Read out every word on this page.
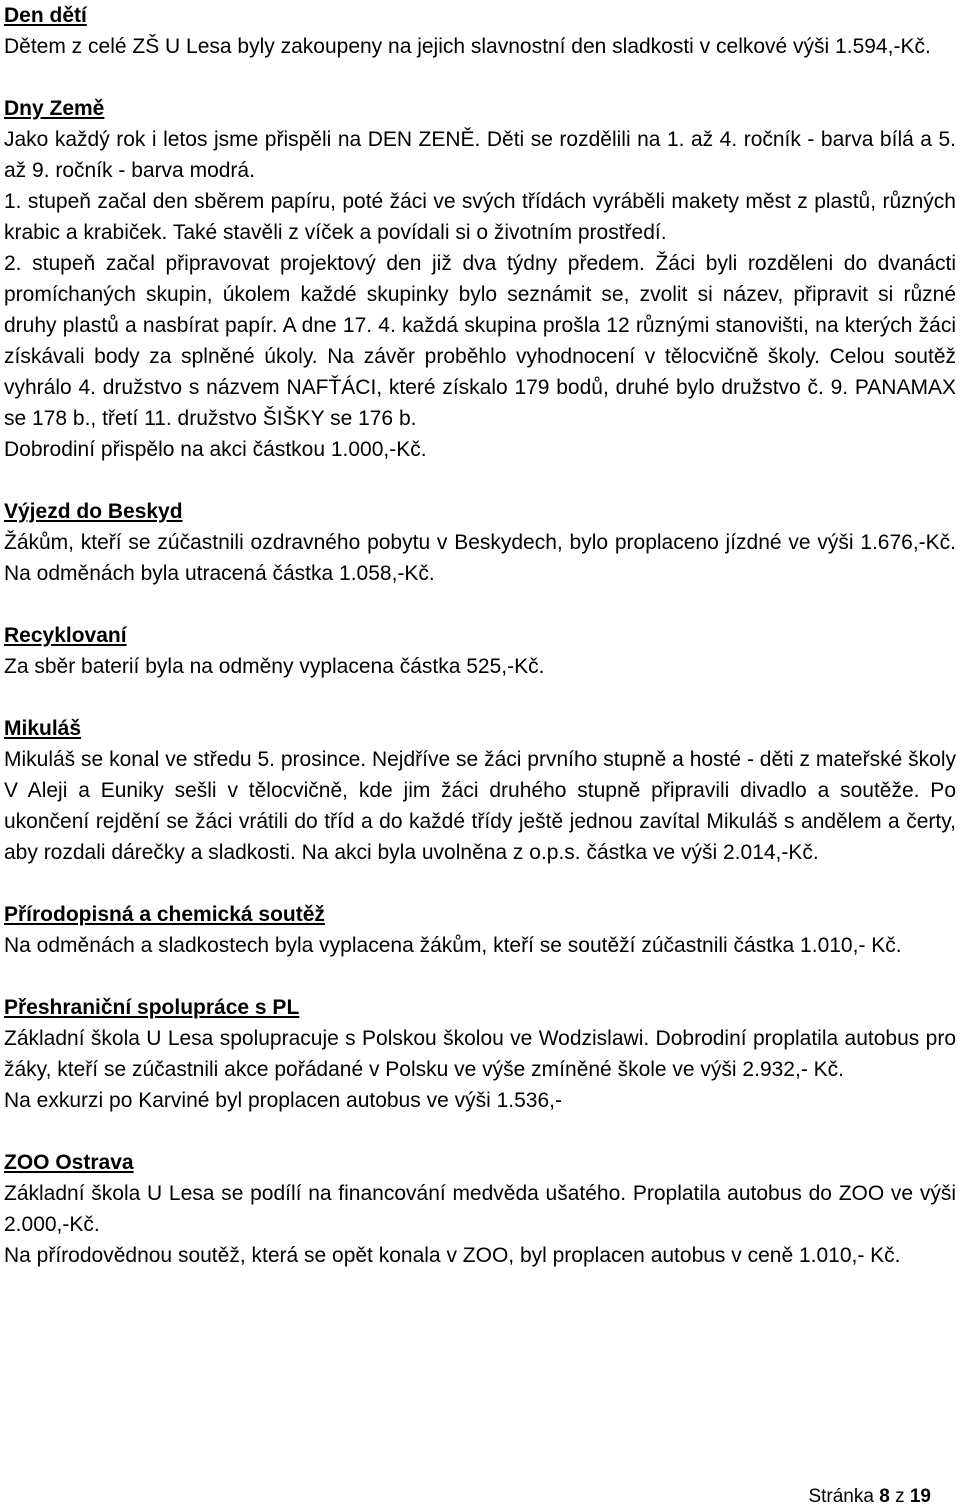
Den dětí

Dětem z celé ZŠ U Lesa byly zakoupeny na jejich slavnostní den sladkosti v celkové výši 1.594,-Kč.

Dny Země

Jako každý rok i letos jsme přispěli na DEN ZENĚ. Děti se rozdělili na 1. až 4. ročník - barva bílá a 5. až 9. ročník - barva modrá.

1. stupeň začal den sběrem papíru, poté žáci ve svých třídách vyráběli makety měst z plastů, různých krabic a krabiček. Také stavěli z víček a povídali si o životním prostředí.

2. stupeň začal připravovat projektový den již dva týdny předem. Žáci byli rozděleni do dvanácti promíchaných skupin, úkolem každé skupinky bylo seznámit se, zvolit si název, připravit si různé druhy plastů a nasbírat papír. A dne 17. 4. každá skupina prošla 12 různými stanovišti, na kterých žáci získávali body za splněné úkoly. Na závěr proběhlo vyhodnocení v tělocvičně školy. Celou soutěž vyhrálo 4. družstvo s názvem NAFŤÁCI, které získalo 179 bodů, druhé bylo družstvo č. 9. PANAMAX se 178 b., třetí 11. družstvo ŠIŠKY se 176 b.

Dobrodiní přispělo na akci částkou 1.000,-Kč.

Výjezd do Beskyd

Žákům, kteří se zúčastnili ozdravného pobytu v Beskydech, bylo proplaceno jízdné ve výši 1.676,-Kč. Na odměnách byla utracená částka 1.058,-Kč.

Recyklovaní

Za sběr baterií byla na odměny vyplacena částka 525,-Kč.

Mikuláš

Mikuláš se konal ve středu 5. prosince. Nejdříve se žáci prvního stupně a hosté - děti z mateřské školy V Aleji a Euniky sešli v tělocvičně, kde jim žáci druhého stupně připravili divadlo a soutěže. Po ukončení rejdění se žáci vrátili do tříd a do každé třídy ještě jednou zavítal Mikuláš s andělem a čerty, aby rozdali dárečky a sladkosti. Na akci byla uvolněna z o.p.s. částka ve výši 2.014,-Kč.

Přírodopisná a chemická soutěž

Na odměnách a sladkostech byla vyplacena žákům, kteří se soutěží zúčastnili částka 1.010,- Kč.

Přeshraniční spolupráce s PL

Základní škola U Lesa spolupracuje s Polskou školou ve Wodzislawi. Dobrodiní proplatila autobus pro žáky, kteří se zúčastnili akce pořádané v Polsku ve výše zmíněné škole ve výši 2.932,- Kč.

Na exkurzi po Karviné byl proplacen autobus ve výši 1.536,-

ZOO Ostrava

Základní škola U Lesa se podílí na financování medvěda ušatého. Proplatila autobus do ZOO ve výši 2.000,-Kč.

Na přírodovědnou soutěž, která se opět konala v ZOO, byl proplacen autobus v ceně 1.010,- Kč.

Stránka 8 z 19
